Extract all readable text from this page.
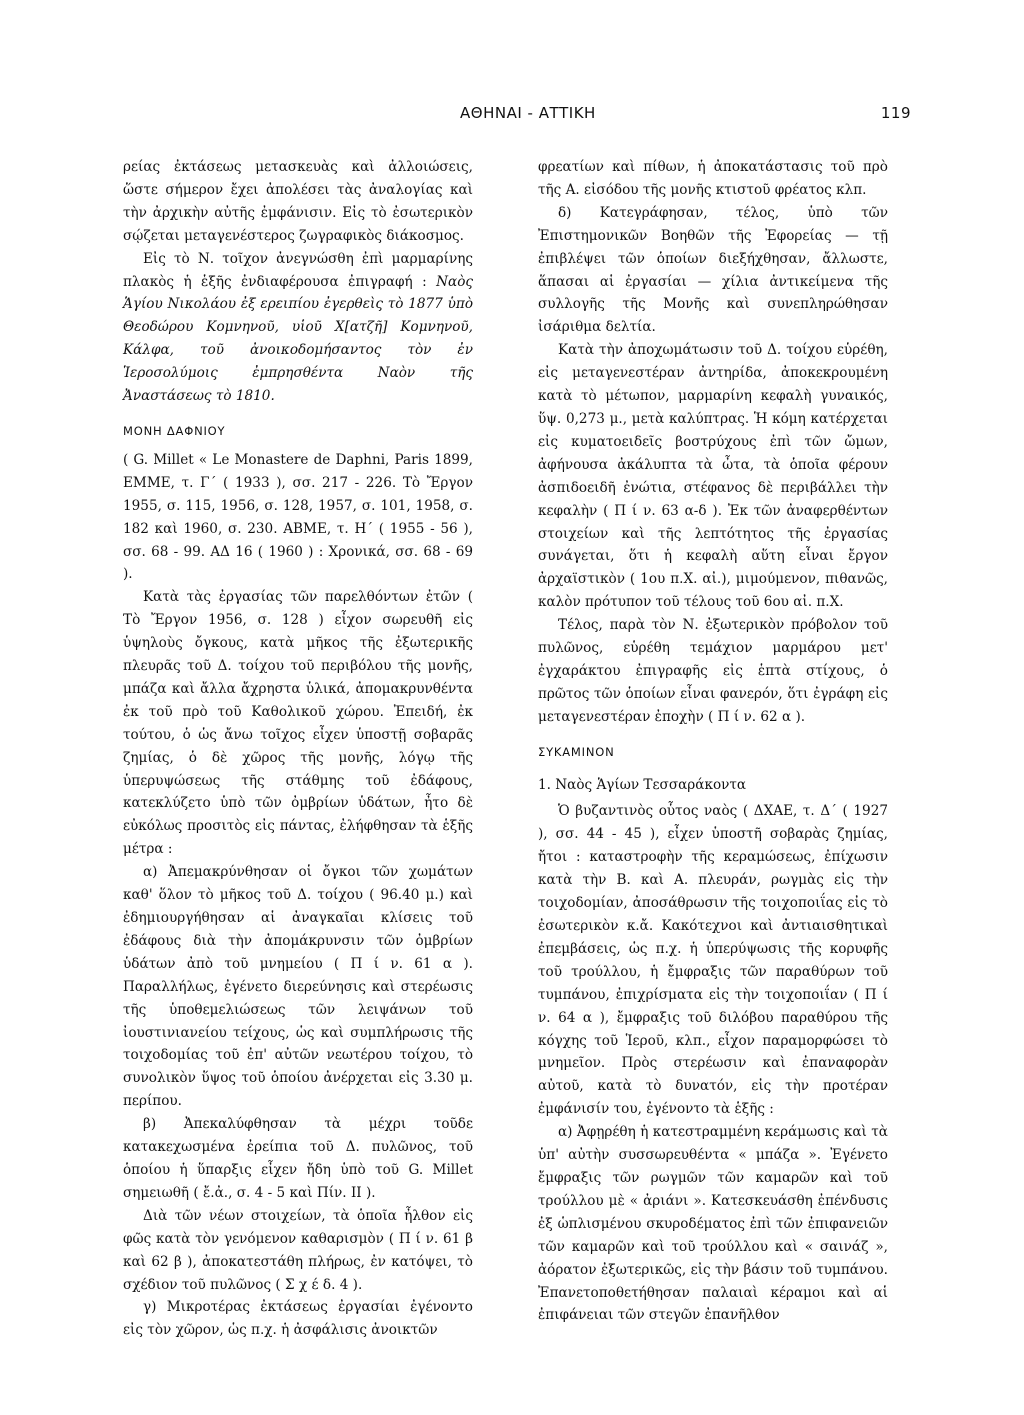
ΑΘΗΝΑΙ - ΑΤΤΙΚΗ	119

ρείας ἐκτάσεως μετασκευὰς καὶ ἀλλοιώσεις, ὥστε σήμερον ἔχει ἀπολέσει τὰς ἀναλογίας καὶ τὴν ἀρχικὴν αὐτῆς ἐμφάνισιν. Εἰς τὸ ἐσωτερικὸν σῴζεται μεταγενέστερος ζωγραφικὸς διάκοσμος.

Εἰς τὸ Ν. τοῖχον ἀνεγνώσθη ἐπὶ μαρμαρίνης πλακὸς ἡ ἑξῆς ἐνδιαφέρουσα ἐπιγραφή : Ναὸς Ἁγίου Νικολάου ἐξ ερειπίου ἐγερθεὶς τὸ 1877 ὑπὸ Θεοδώρου Κομνηνοῦ, υἱοῦ Χ[ατζῆ] Κομνηνοῦ, Κάλφα, τοῦ ἀνοικοδομήσαντος τὸν ἐν Ἱεροσολύμοις ἐμπρησθέντα Ναὸν τῆς Ἀναστάσεως τὸ 1810.

ΜΟΝΗ ΔΑΦΝΙΟΥ

( G. Millet « Le Monastere de Daphni, Paris 1899, ΕΜΜΕ, τ. Γ΄ ( 1933 ), σσ. 217 - 226. Τὸ Ἔργον 1955, σ. 115, 1956, σ. 128, 1957, σ. 101, 1958, σ. 182 καὶ 1960, σ. 230. ΑΒΜΕ, τ. Η΄ ( 1955 - 56 ), σσ. 68 - 99. ΑΔ 16 ( 1960 ) : Χρονικά, σσ. 68 - 69 ).

Κατὰ τὰς ἐργασίας τῶν παρελθόντων ἐτῶν ( Τὸ Ἔργον 1956, σ. 128 ) εἶχον σωρευθῆ εἰς ὑψηλοὺς ὄγκους, κατὰ μῆκος τῆς ἐξωτερικῆς πλευρᾶς τοῦ Δ. τοίχου τοῦ περιβόλου τῆς μονῆς, μπάζα καὶ ἄλλα ἄχρηστα ὑλικά, ἀπομακρυνθέντα ἐκ τοῦ πρὸ τοῦ Καθολικοῦ χώρου. Ἐπειδή, ἐκ τούτου, ὁ ὡς ἄνω τοῖχος εἶχεν ὑποστῇ σοβαρᾶς ζημίας, ὁ δὲ χῶρος τῆς μονῆς, λόγῳ τῆς ὑπερυψώσεως τῆς στάθμης τοῦ ἐδάφους, κατεκλύζετο ὑπὸ τῶν ὀμβρίων ὑδάτων, ἦτο δὲ εὐκόλως προσιτὸς εἰς πάντας, ἐλήφθησαν τὰ ἑξῆς μέτρα :

α) Ἀπεμακρύνθησαν οἱ ὄγκοι τῶν χωμάτων καθ' ὅλον τὸ μῆκος τοῦ Δ. τοίχου ( 96.40 μ.) καὶ ἐδημιουργήθησαν αἱ ἀναγκαῖαι κλίσεις τοῦ ἐδάφους διὰ τὴν ἀπομάκρυνσιν τῶν ὀμβρίων ὑδάτων ἀπὸ τοῦ μνημείου ( Π ί ν. 61 α ). Παραλλήλως, ἐγένετο διερεύνησις καὶ στερέωσις τῆς ὑποθεμελιώσεως τῶν λειψάνων τοῦ ἰουστινιανείου τείχους, ὡς καὶ συμπλήρωσις τῆς τοιχοδομίας τοῦ ἐπ' αὐτῶν νεωτέρου τοίχου, τὸ συνολικὸν ὕψος τοῦ ὁποίου ἀνέρχεται εἰς 3.30 μ. περίπου.

β) Ἀπεκαλύφθησαν τὰ μέχρι τοῦδε κατακεχωσμένα ἐρείπια τοῦ Δ. πυλῶνος, τοῦ ὁποίου ἡ ὕπαρξις εἶχεν ἤδη ὑπὸ τοῦ G. Millet σημειωθῆ ( ἔ.ἀ., σ. 4 - 5 καὶ Πίν. ΙΙ ).

Διὰ τῶν νέων στοιχείων, τὰ ὁποῖα ἦλθον εἰς φῶς κατὰ τὸν γενόμενον καθαρισμὸν ( Π ί ν. 61 β καὶ 62 β ), ἀποκατεστάθη πλήρως, ἐν κατόψει, τὸ σχέδιον τοῦ πυλῶνος ( Σ χ έ δ. 4 ).

γ) Μικροτέρας ἐκτάσεως ἐργασίαι ἐγένοντο εἰς τὸν χῶρον, ὡς π.χ. ἡ ἀσφάλισις ἀνοικτῶν

φρεατίων καὶ πίθων, ἡ ἀποκατάστασις τοῦ πρὸ τῆς Α. εἰσόδου τῆς μονῆς κτιστοῦ φρέατος κλπ.

δ) Κατεγράφησαν, τέλος, ὑπὸ τῶν Ἐπιστημονικῶν Βοηθῶν τῆς Ἐφορείας — τῇ ἐπιβλέψει τῶν ὁποίων διεξήχθησαν, ἄλλωστε, ἅπασαι αἱ ἐργασίαι — χίλια ἀντικείμενα τῆς συλλογῆς τῆς Μονῆς καὶ συνεπληρώθησαν ἰσάριθμα δελτία.

Κατὰ τὴν ἀποχωμάτωσιν τοῦ Δ. τοίχου εὑρέθη, εἰς μεταγενεστέραν ἀντηρίδα, ἀποκεκρουμένη κατὰ τὸ μέτωπον, μαρμαρίνη κεφαλὴ γυναικός, ὕψ. 0,273 μ., μετὰ καλύπτρας. Ἡ κόμη κατέρχεται εἰς κυματοειδεῖς βοστρύχους ἐπὶ τῶν ὤμων, ἀφήνουσα ἀκάλυπτα τὰ ὦτα, τὰ ὁποῖα φέρουν ἀσπιδοειδῆ ἐνώτια, στέφανος δὲ περιβάλλει τὴν κεφαλὴν ( Π ί ν. 63 α-δ ). Ἐκ τῶν ἀναφερθέντων στοιχείων καὶ τῆς λεπτότητος τῆς ἐργασίας συνάγεται, ὅτι ἡ κεφαλὴ αὕτη εἶναι ἔργον ἀρχαϊστικὸν ( 1ου π.Χ. αἰ.), μιμούμενον, πιθανῶς, καλὸν πρότυπον τοῦ τέλους τοῦ 6ου αἰ. π.Χ.

Τέλος, παρὰ τὸν Ν. ἐξωτερικὸν πρόβολον τοῦ πυλῶνος, εὑρέθη τεμάχιον μαρμάρου μετ' ἐγχαράκτου ἐπιγραφῆς εἰς ἑπτὰ στίχους, ὁ πρῶτος τῶν ὁποίων εἶναι φανερόν, ὅτι ἐγράφη εἰς μεταγενεστέραν ἐποχὴν ( Π ί ν. 62 α ).

ΣΥΚΑΜΙΝΟΝ

1. Ναὸς Ἁγίων Τεσσαράκοντα

Ὁ βυζαντινὸς οὗτος ναὸς ( ΔΧΑΕ, τ. Δ΄ ( 1927 ), σσ. 44 - 45 ), εἶχεν ὑποστῆ σοβαρὰς ζημίας, ἤτοι : καταστροφὴν τῆς κεραμώσεως, ἐπίχωσιν κατὰ τὴν Β. καὶ Α. πλευράν, ρωγμὰς εἰς τὴν τοιχοδομίαν, ἀποσάθρωσιν τῆς τοιχοποιΐας εἰς τὸ ἐσωτερικὸν κ.ἄ. Κακότεχνοι καὶ ἀντιαισθητικαὶ ἐπεμβάσεις, ὡς π.χ. ἡ ὑπερύψωσις τῆς κορυφῆς τοῦ τρούλλου, ἡ ἔμφραξις τῶν παραθύρων τοῦ τυμπάνου, ἐπιχρίσματα εἰς τὴν τοιχοποιΐαν ( Π ί ν. 64 α ), ἔμφραξις τοῦ διλόβου παραθύρου τῆς κόγχης τοῦ Ἱεροῦ, κλπ., εἶχον παραμορφώσει τὸ μνημεῖον. Πρὸς στερέωσιν καὶ ἐπαναφορὰν αὐτοῦ, κατὰ τὸ δυνατόν, εἰς τὴν προτέραν ἐμφάνισίν του, ἐγένοντο τὰ ἑξῆς :

α) Ἀφῃρέθη ἡ κατεστραμμένη κεράμωσις καὶ τὰ ὑπ' αὐτὴν συσσωρευθέντα « μπάζα ». Ἐγένετο ἔμφραξις τῶν ρωγμῶν τῶν καμαρῶν καὶ τοῦ τρούλλου μὲ « ἀριάνι ». Κατεσκευάσθη ἐπένδυσις ἐξ ὡπλισμένου σκυροδέματος ἐπὶ τῶν ἐπιφανειῶν τῶν καμαρῶν καὶ τοῦ τρούλλου καὶ « σαινάζ », ἀόρατον ἐξωτερικῶς, εἰς τὴν βάσιν τοῦ τυμπάνου. Ἐπανετοποθετήθησαν παλαιαὶ κέραμοι καὶ αἱ ἐπιφάνειαι τῶν στεγῶν ἐπανῆλθον
